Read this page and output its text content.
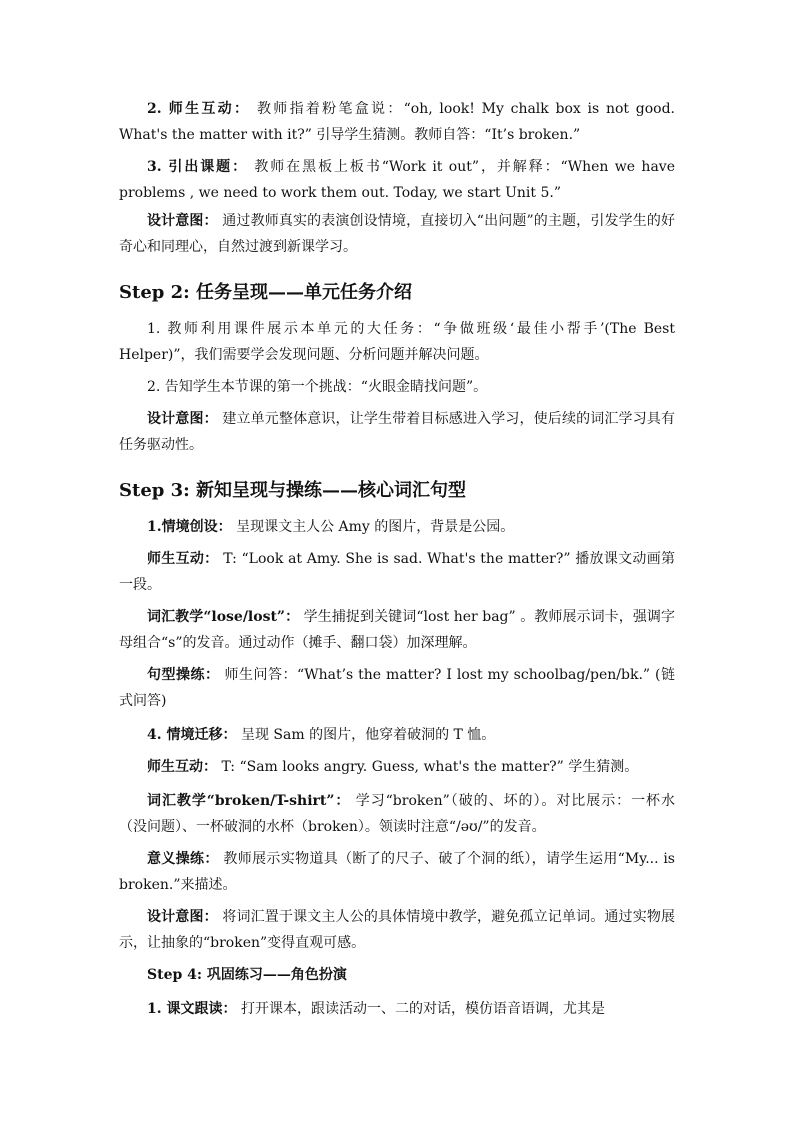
2. 师生互动： 教师指着粉笔盒说：“oh, look! My chalk box is not good. What's the matter with it?” 引导学生猜测。教师自答：“It’s broken.”

3. 引出课题： 教师在黑板上板书“Work it out”，并解释：“When we have problems , we need to work them out. Today, we start Unit 5.”

设计意图： 通过教师真实的表演创设情境，直接切入“出问题”的主题，引发学生的好奇心和同理心，自然过渡到新课学习。

Step 2: 任务呈现——单元任务介绍

1. 教师利用课件展示本单元的大任务：“争做班级‘最佳小帮手’(The Best Helper)”，我们需要学会发现问题、分析问题并解决问题。

2. 告知学生本节课的第一个挑战：“火眼金睛找问题”。

设计意图： 建立单元整体意识，让学生带着目标感进入学习，使后续的词汇学习具有任务驱动性。

Step 3: 新知呈现与操练——核心词汇句型

1.情境创设： 呈现课文主人公 Amy 的图片，背景是公园。

师生互动： T: “Look at Amy. She is sad. What's the matter?” 播放课文动画第一段。

词汇教学“lose/lost”： 学生捕捉到关键词“lost her bag” 。教师展示词卡，强调字母组合“s”的发音。通过动作（摊手、翻口袋）加深理解。

句型操练： 师生问答：“What’s the matter? I lost my schoolbag/pen/bk.” (链式问答)

4. 情境迁移： 呈现 Sam 的图片，他穿着破洞的 T 恤。

师生互动： T: “Sam looks angry. Guess, what's the matter?” 学生猜测。

词汇教学“broken/T-shirt”： 学习“broken”（破的、坏的）。对比展示：一杯水（没问题）、一杯破洞的水杯（broken）。领读时注意“/əʊ/”的发音。

意义操练： 教师展示实物道具（断了的尺子、破了个洞的纸），请学生运用“My... is broken.”来描述。

设计意图： 将词汇置于课文主人公的具体情境中教学，避免孤立记单词。通过实物展示，让抽象的“broken”变得直观可感。

Step 4: 巩固练习——角色扮演

1. 课文跟读： 打开课本，跟读活动一、二的对话，模仿语音语调，尤其是
